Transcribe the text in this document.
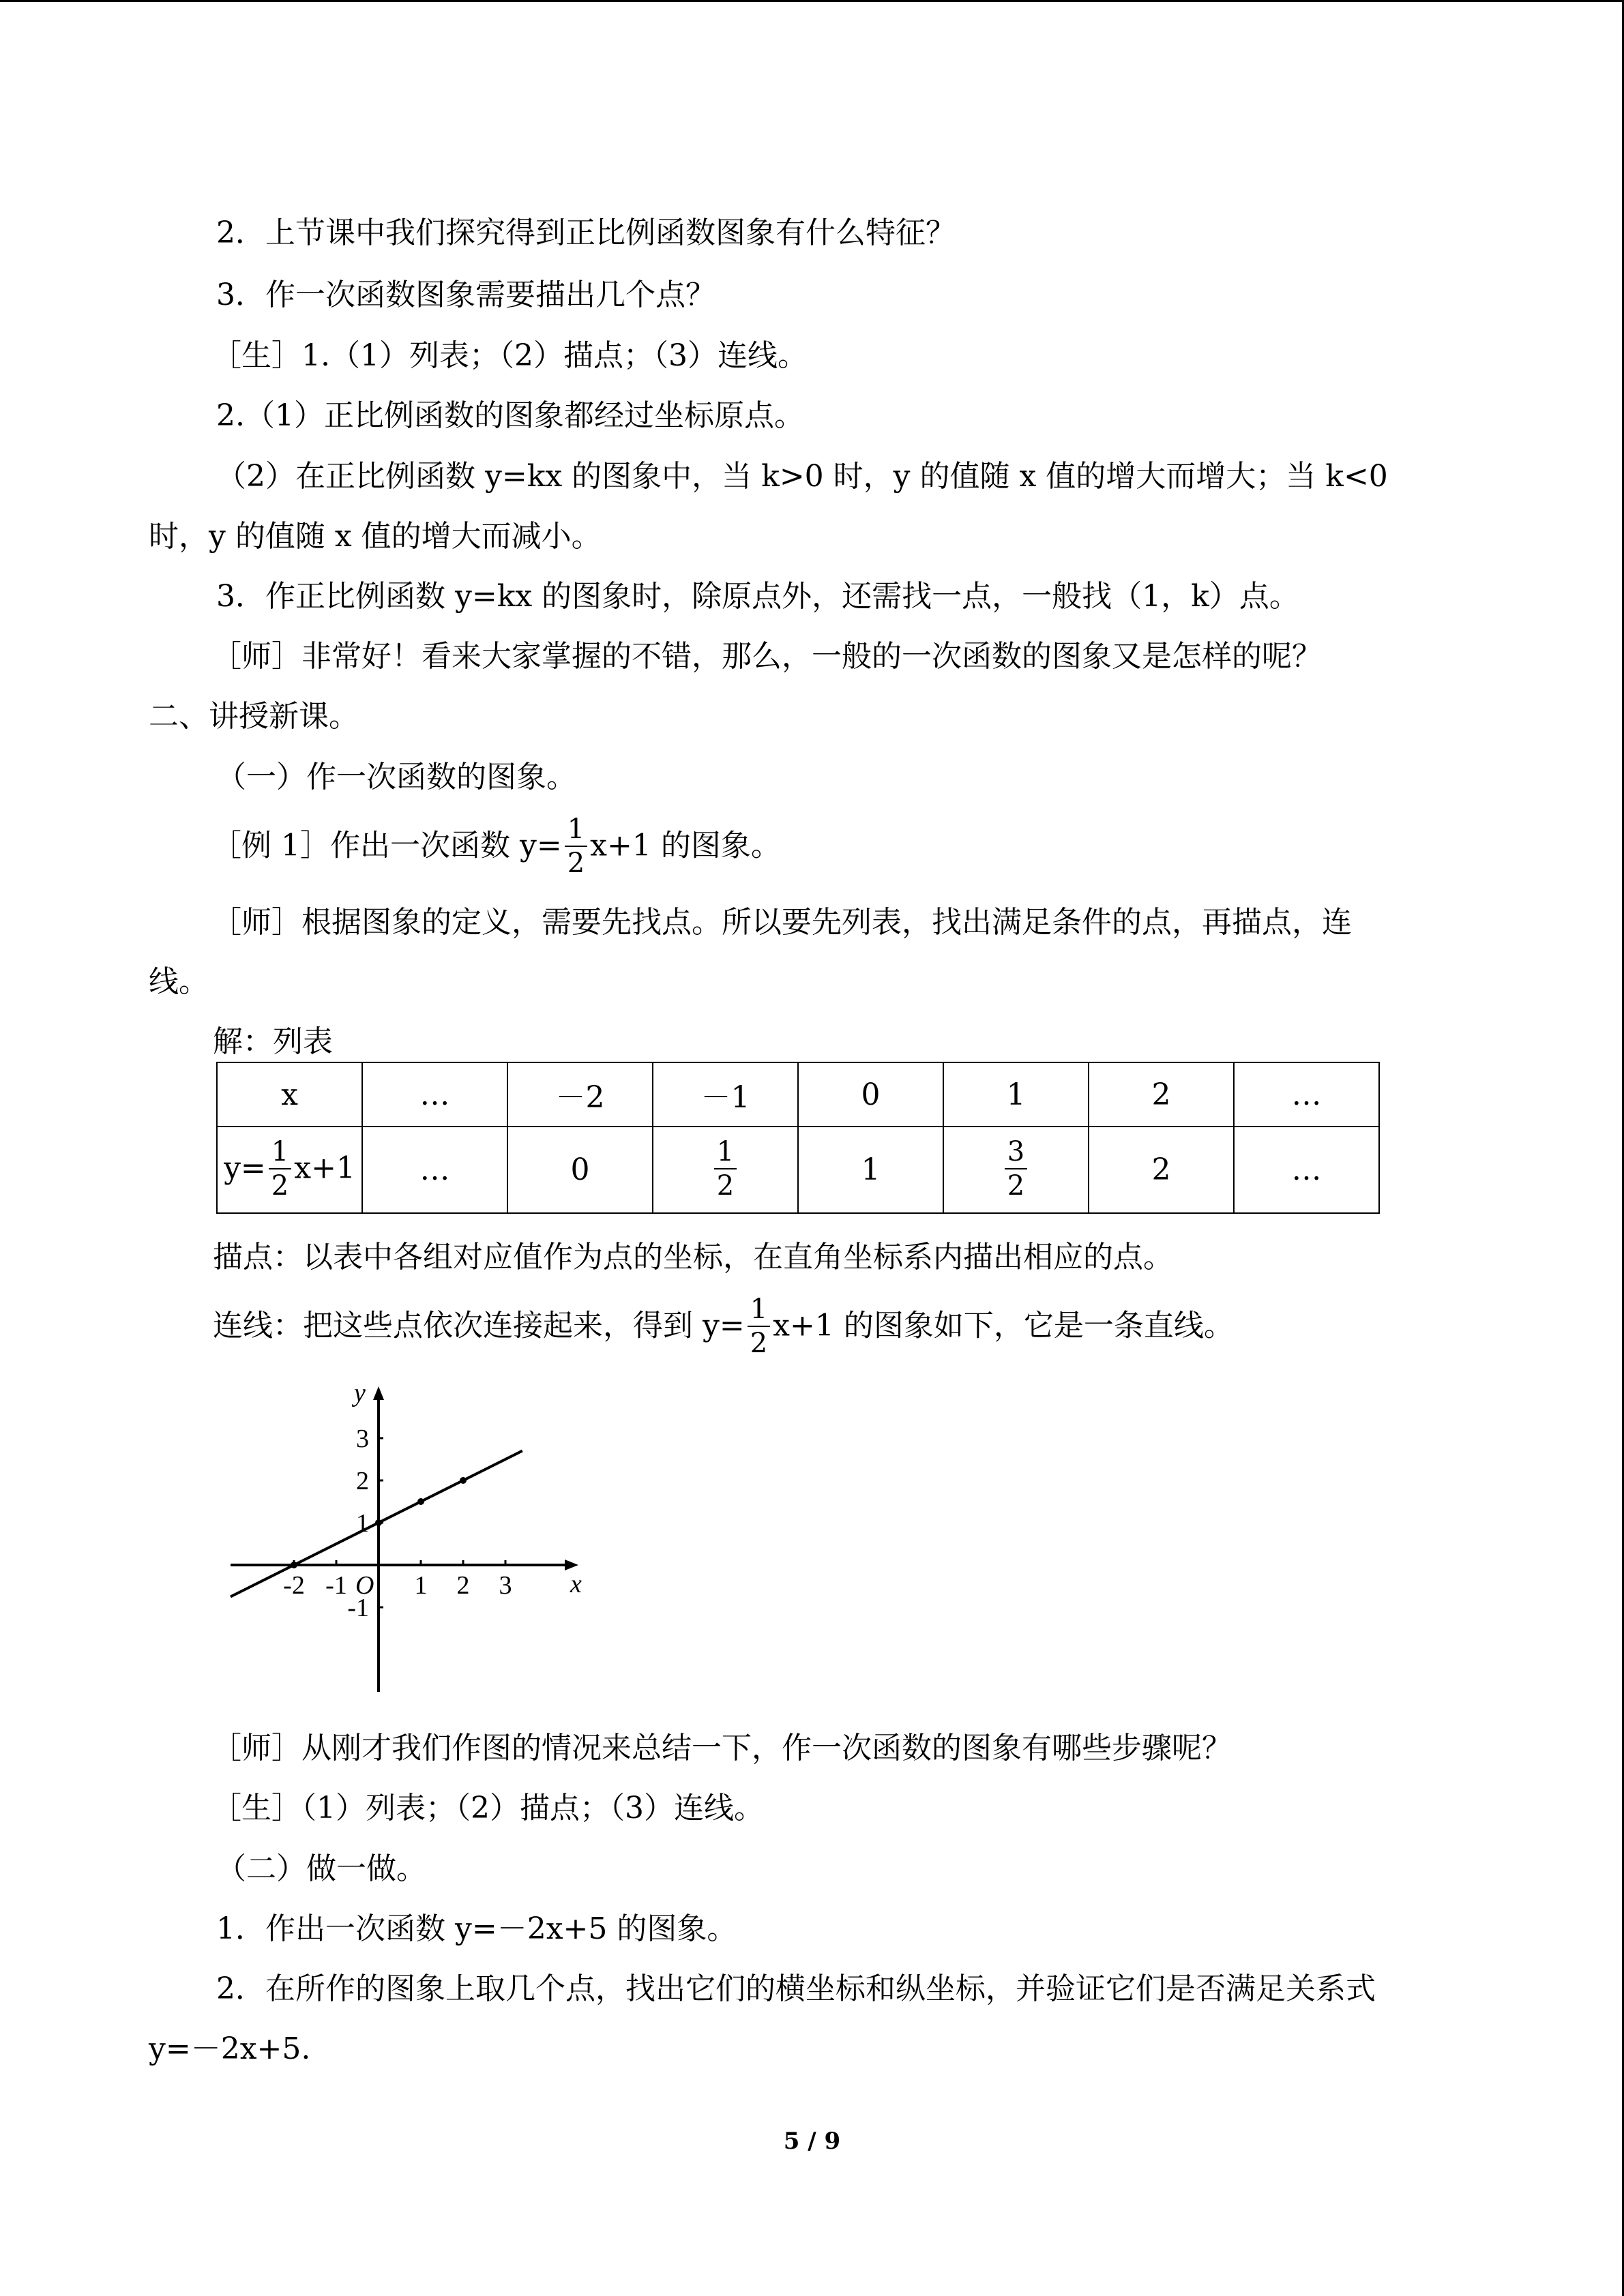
2．上节课中我们探究得到正比例函数图象有什么特征？
3．作一次函数图象需要描出几个点？
［生］1.（1）列表；（2）描点；（3）连线。
2.（1）正比例函数的图象都经过坐标原点。
（2）在正比例函数 y=kx 的图象中，当 k>0 时，y 的值随 x 值的增大而增大；当 k<0
时，y 的值随 x 值的增大而减小。
3．作正比例函数 y=kx 的图象时，除原点外，还需找一点，一般找（1，k）点。
［师］非常好！看来大家掌握的不错，那么，一般的一次函数的图象又是怎样的呢？
二、讲授新课。
（一）作一次函数的图象。
［例 1］作出一次函数 $y= \frac{1}{2} x+1$ 的图象。
［师］根据图象的定义，需要先找点。所以要先列表，找出满足条件的点，再描点，连
线。
解：列表
x	…	－2	－1	0	1	2	…
$y= \frac{1}{2} x+1$	…	0	$\frac{1}{2}$	1	$\frac{3}{2}$	2	…
描点：以表中各组对应值作为点的坐标，在直角坐标系内描出相应的点。
连线：把这些点依次连接起来，得到 $y= \frac{1}{2} x+1$ 的图象如下，它是一条直线。
x
y
O
-2 -1	1 2 3
3
2
1
-1
［师］从刚才我们作图的情况来总结一下，作一次函数的图象有哪些步骤呢？
［生］（1）列表；（2）描点；（3）连线。
（二）做一做。
1．作出一次函数 y=－2x+5 的图象。
2．在所作的图象上取几个点，找出它们的横坐标和纵坐标，并验证它们是否满足关系式
y=－2x+5.
5 / 9
